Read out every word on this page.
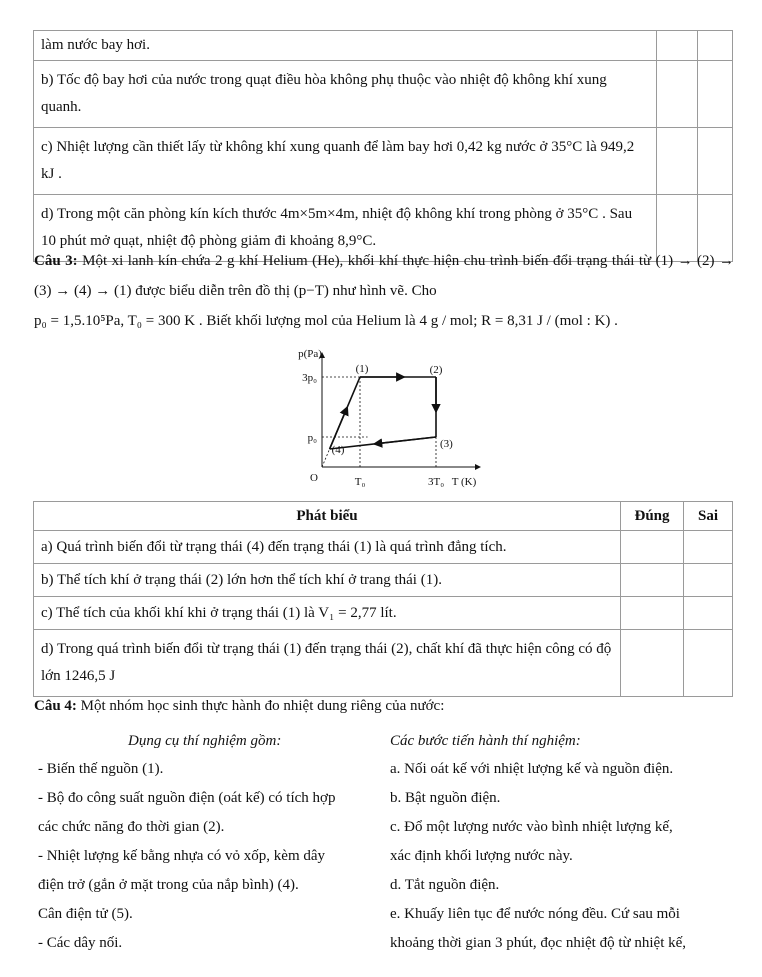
làm nước bay hơi.		
b) Tốc độ bay hơi của nước trong quạt điều hòa không phụ thuộc vào nhiệt độ không khí xung quanh.		
c) Nhiệt lượng cần thiết lấy từ không khí xung quanh để làm bay hơi 0,42 kg nước ở 35°C là 949,2 kJ .		
d) Trong một căn phòng kín kích thước 4m×5m×4m, nhiệt độ không khí trong phòng ở 35°C . Sau 10 phút mở quạt, nhiệt độ phòng giảm đi khoảng 8,9°C.		
Câu 3: Một xi lanh kín chứa 2 g khí Helium (He), khối khí thực hiện chu trình biến đổi trạng thái từ (1) → (2) → (3) → (4) → (1) được biểu diễn trên đồ thị (p−T) như hình vẽ. Cho
p₀ = 1,5.10⁵Pa, T₀ = 300 K . Biết khối lượng mol của Helium là 4 g / mol; R = 8,31 J / (mol : K) .
p(Pa)
T (K)
O
3p₀
p₀
T₀	3T₀
(1)	(2)
(3)
(4)
Phát biểu	Đúng	Sai
a) Quá trình biến đổi từ trạng thái (4) đến trạng thái (1) là quá trình đẳng tích.		
b) Thể tích khí ở trạng thái (2) lớn hơn thể tích khí ở trang thái (1).		
c) Thể tích của khối khí khi ở trạng thái (1) là V₁ = 2,77 lít.		
d) Trong quá trình biến đổi từ trạng thái (1) đến trạng thái (2), chất khí đã thực hiện công có độ lớn 1246,5 J		
Câu 4: Một nhóm học sinh thực hành đo nhiệt dung riêng của nước:
Dụng cụ thí nghiệm gồm:	Các bước tiến hành thí nghiệm:
- Biến thế nguồn (1).
- Bộ đo công suất nguồn điện (oát kế) có tích hợp
các chức năng đo thời gian (2).
- Nhiệt lượng kế bằng nhựa có vỏ xốp, kèm dây
điện trở (gắn ở mặt trong của nắp bình) (4).
Cân điện tử (5).
- Các dây nối.
a. Nối oát kế với nhiệt lượng kế và nguồn điện.
b. Bật nguồn điện.
c. Đổ một lượng nước vào bình nhiệt lượng kế,
xác định khối lượng nước này.
d. Tắt nguồn điện.
e. Khuấy liên tục để nước nóng đều. Cứ sau mỗi
khoảng thời gian 3 phút, đọc nhiệt độ từ nhiệt kế,
